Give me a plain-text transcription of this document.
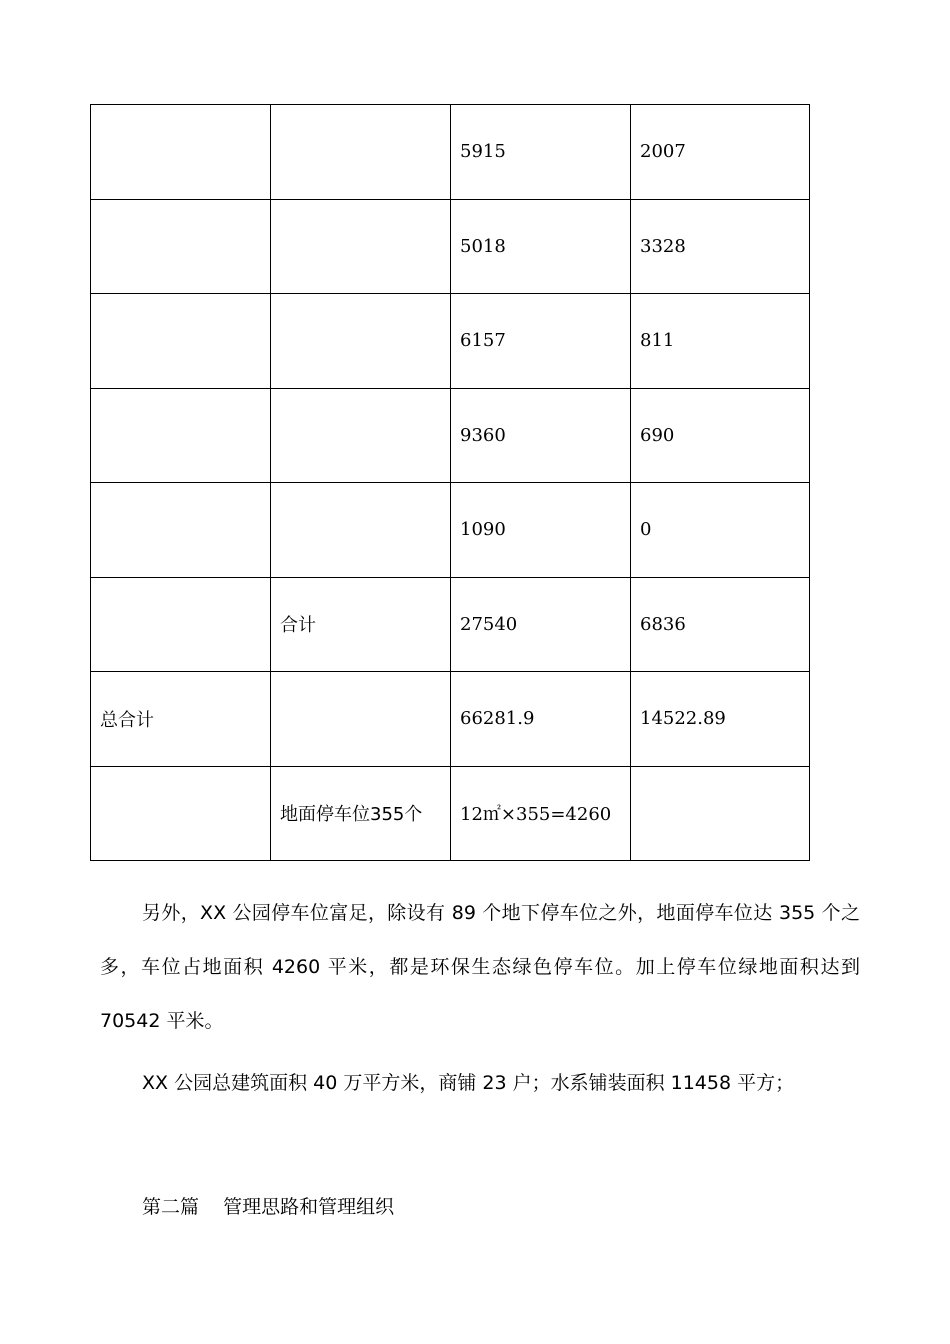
		5915	2007
		5018	3328
		6157	811
		9360	690
		1090	0
	合计	27540	6836
总合计		66281.9	14522.89
	地面停车位355个	12㎡×355=4260	

另外，XX 公园停车位富足，除设有 89 个地下停车位之外，地面停车位达 355 个之多，车位占地面积 4260 平米，都是环保生态绿色停车位。加上停车位绿地面积达到 70542 平米。

XX 公园总建筑面积 40 万平方米，商铺 23 户；水系铺装面积 11458 平方；

第二篇    管理思路和管理组织
